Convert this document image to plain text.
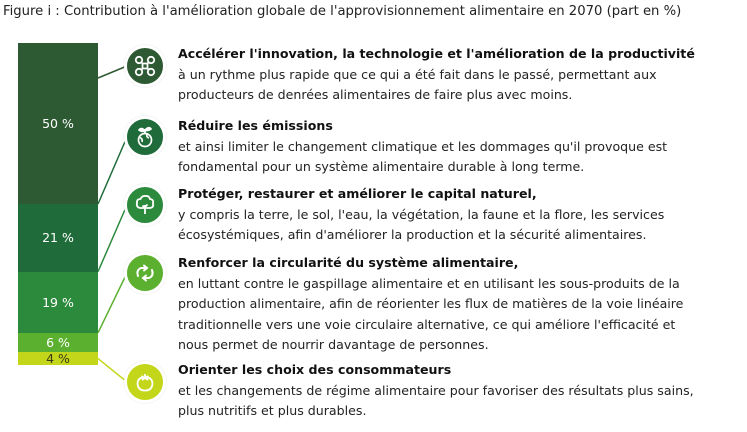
Figure i : Contribution à l'amélioration globale de l'approvisionnement alimentaire en 2070 (part en %)
50 %
21 %
19 %
6 %
4 %
Accélérer l'innovation, la technologie et l'amélioration de la productivité
à un rythme plus rapide que ce qui a été fait dans le passé, permettant aux
producteurs de denrées alimentaires de faire plus avec moins.
Réduire les émissions
et ainsi limiter le changement climatique et les dommages qu'il provoque est
fondamental pour un système alimentaire durable à long terme.
Protéger, restaurer et améliorer le capital naturel,
y compris la terre, le sol, l'eau, la végétation, la faune et la flore, les services
écosystémiques, afin d'améliorer la production et la sécurité alimentaires.
Renforcer la circularité du système alimentaire,
en luttant contre le gaspillage alimentaire et en utilisant les sous-produits de la
production alimentaire, afin de réorienter les flux de matières de la voie linéaire
traditionnelle vers une voie circulaire alternative, ce qui améliore l'efficacité et
nous permet de nourrir davantage de personnes.
Orienter les choix des consommateurs
et les changements de régime alimentaire pour favoriser des résultats plus sains,
plus nutritifs et plus durables.
